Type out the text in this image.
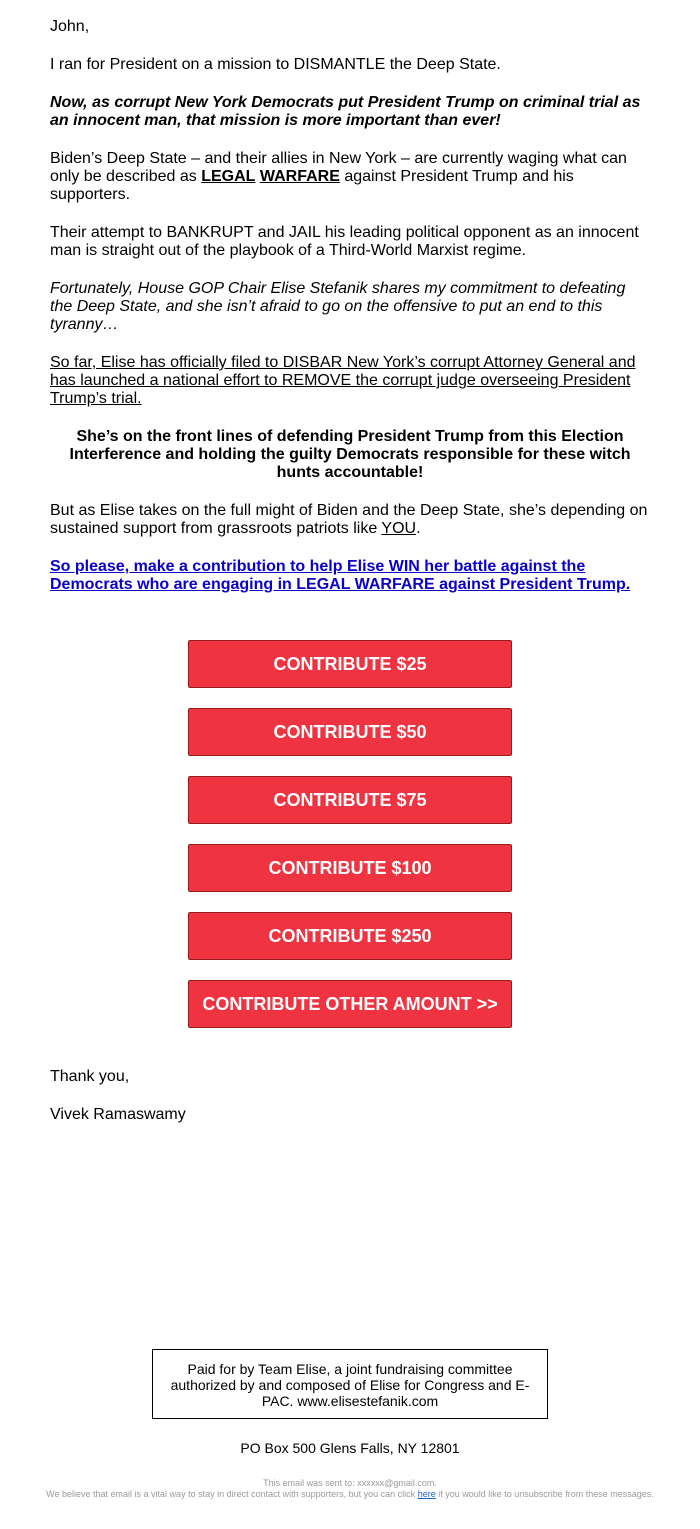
John,

I ran for President on a mission to DISMANTLE the Deep State.

Now, as corrupt New York Democrats put President Trump on criminal trial as an innocent man, that mission is more important than ever!

Biden’s Deep State – and their allies in New York – are currently waging what can only be described as LEGAL WARFARE against President Trump and his supporters.

Their attempt to BANKRUPT and JAIL his leading political opponent as an innocent man is straight out of the playbook of a Third-World Marxist regime.

Fortunately, House GOP Chair Elise Stefanik shares my commitment to defeating the Deep State, and she isn’t afraid to go on the offensive to put an end to this tyranny…

So far, Elise has officially filed to DISBAR New York’s corrupt Attorney General and has launched a national effort to REMOVE the corrupt judge overseeing President Trump’s trial.

She’s on the front lines of defending President Trump from this Election Interference and holding the guilty Democrats responsible for these witch hunts accountable!

But as Elise takes on the full might of Biden and the Deep State, she’s depending on sustained support from grassroots patriots like YOU.

So please, make a contribution to help Elise WIN her battle against the Democrats who are engaging in LEGAL WARFARE against President Trump.

CONTRIBUTE $25
CONTRIBUTE $50
CONTRIBUTE $75
CONTRIBUTE $100
CONTRIBUTE $250
CONTRIBUTE OTHER AMOUNT >>

Thank you,

Vivek Ramaswamy

Paid for by Team Elise, a joint fundraising committee authorized by and composed of Elise for Congress and E-PAC. www.elisestefanik.com
PO Box 500 Glens Falls, NY 12801
This email was sent to: xxxxxx@gmail.com.
We believe that email is a vital way to stay in direct contact with supporters, but you can click here if you would like to unsubscribe from these messages.
